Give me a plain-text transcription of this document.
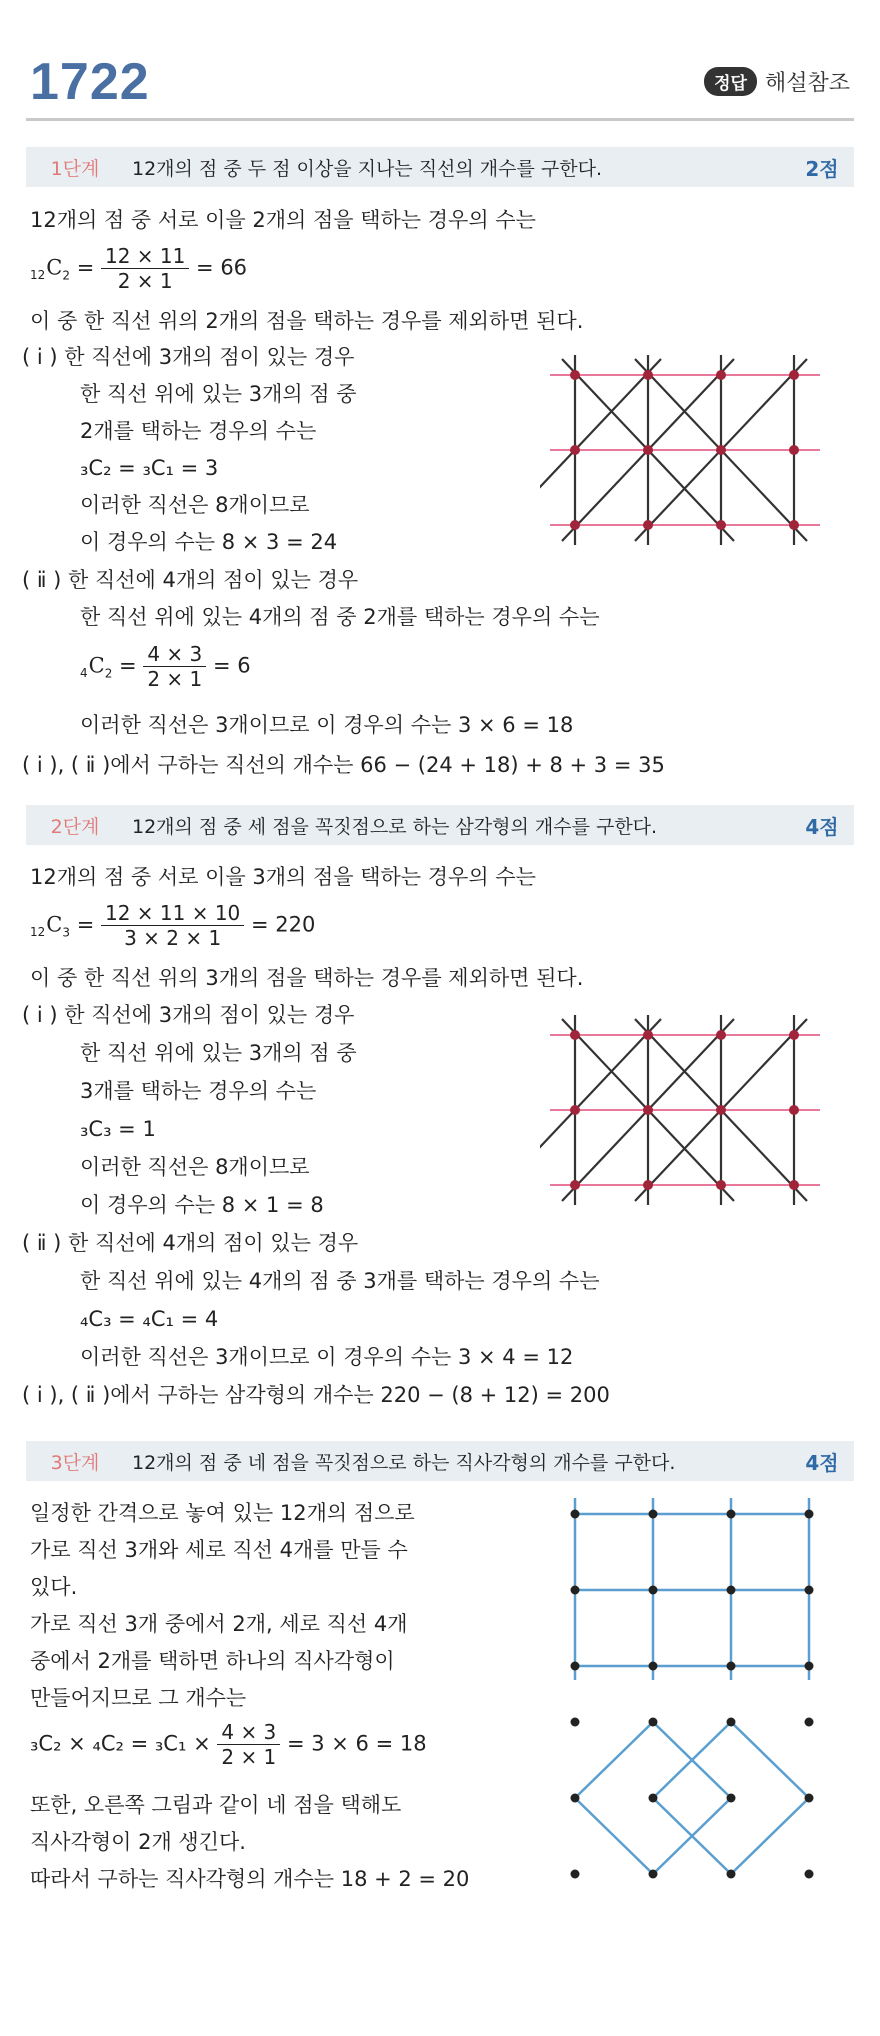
1722	정답 해설참조
1단계	12개의 점 중 두 점 이상을 지나는 직선의 개수를 구한다.	2점
12개의 점 중 서로 이을 2개의 점을 택하는 경우의 수는
$12C_2 = \frac{12 \times 11}{2 \times 1} = 66$
이 중 한 직선 위의 2개의 점을 택하는 경우를 제외하면 된다.
( ⅰ ) 한 직선에 3개의 점이 있는 경우
한 직선 위에 있는 3개의 점 중
2개를 택하는 경우의 수는
₃C₂ = ₃C₁ = 3
이러한 직선은 8개이므로
이 경우의 수는 8 × 3 = 24
( ⅱ ) 한 직선에 4개의 점이 있는 경우
한 직선 위에 있는 4개의 점 중 2개를 택하는 경우의 수는
$4C_2 = \frac{4 \times 3}{2 \times 1} = 6$
이러한 직선은 3개이므로 이 경우의 수는 3 × 6 = 18
( ⅰ ), ( ⅱ )에서 구하는 직선의 개수는 66 − (24 + 18) + 8 + 3 = 35
2단계	12개의 점 중 세 점을 꼭짓점으로 하는 삼각형의 개수를 구한다.	4점
12개의 점 중 서로 이을 3개의 점을 택하는 경우의 수는
$12C_3 = \frac{12 \times 11 \times 10}{3 \times 2 \times 1} = 220$
이 중 한 직선 위의 3개의 점을 택하는 경우를 제외하면 된다.
( ⅰ ) 한 직선에 3개의 점이 있는 경우
한 직선 위에 있는 3개의 점 중
3개를 택하는 경우의 수는
₃C₃ = 1
이러한 직선은 8개이므로
이 경우의 수는 8 × 1 = 8
( ⅱ ) 한 직선에 4개의 점이 있는 경우
한 직선 위에 있는 4개의 점 중 3개를 택하는 경우의 수는
₄C₃ = ₄C₁ = 4
이러한 직선은 3개이므로 이 경우의 수는 3 × 4 = 12
( ⅰ ), ( ⅱ )에서 구하는 삼각형의 개수는 220 − (8 + 12) = 200
3단계	12개의 점 중 네 점을 꼭짓점으로 하는 직사각형의 개수를 구한다.	4점
일정한 간격으로 놓여 있는 12개의 점으로
가로 직선 3개와 세로 직선 4개를 만들 수
있다.
가로 직선 3개 중에서 2개, 세로 직선 4개
중에서 2개를 택하면 하나의 직사각형이
만들어지므로 그 개수는
$_3C_2 \times _4C_2 = _3C_1 \times \frac{4 \times 3}{2 \times 1} = 3 \times 6 = 18$
또한, 오른쪽 그림과 같이 네 점을 택해도
직사각형이 2개 생긴다.
따라서 구하는 직사각형의 개수는 18 + 2 = 20
